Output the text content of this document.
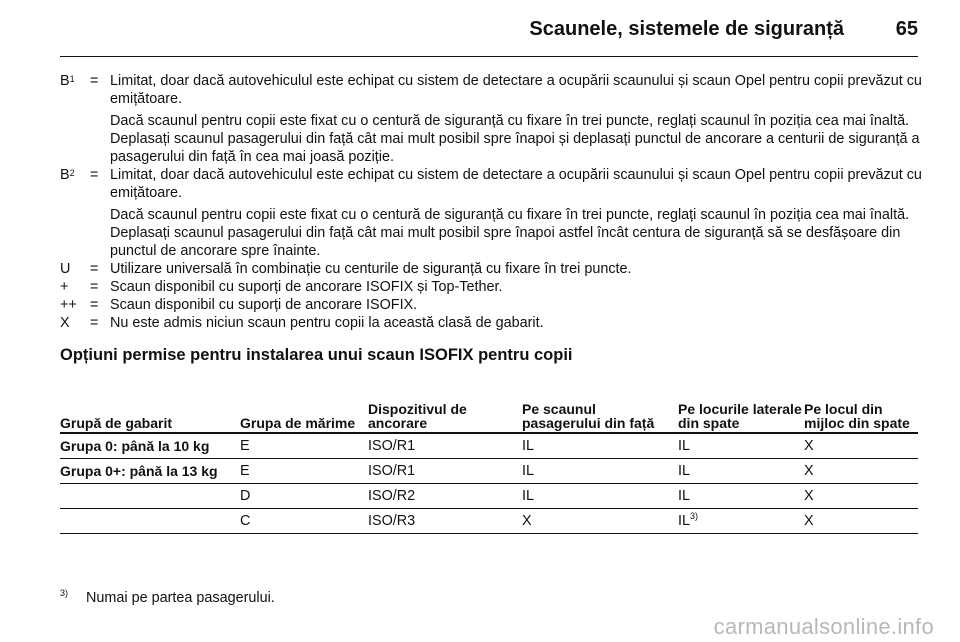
Scaunele, sistemele de siguranță	65
$B^1$	= Limitat, doar dacă autovehiculul este echipat cu sistem de detectare a ocupării scaunului și scaun Opel pentru copii prevăzut cu emițătoare.

Dacă scaunul pentru copii este fixat cu o centură de siguranță cu fixare în trei puncte, reglați scaunul în poziția cea mai înaltă. Deplasați scaunul pasagerului din față cât mai mult posibil spre înapoi și deplasați punctul de ancorare a centurii de siguranță a pasagerului din față în cea mai joasă poziție.

$B^2$	= Limitat, doar dacă autovehiculul este echipat cu sistem de detectare a ocupării scaunului și scaun Opel pentru copii prevăzut cu emițătoare.

Dacă scaunul pentru copii este fixat cu o centură de siguranță cu fixare în trei puncte, reglați scaunul în poziția cea mai înaltă. Deplasați scaunul pasagerului din față cât mai mult posibil spre înapoi astfel încât centura de siguranță să se desfășoare din punctul de ancorare spre înainte.

U	= Utilizare universală în combinație cu centurile de siguranță cu fixare în trei puncte.

+	= Scaun disponibil cu suporți de ancorare ISOFIX și Top-Tether.

++ = Scaun disponibil cu suporți de ancorare ISOFIX.

X	= Nu este admis niciun scaun pentru copii la această clasă de gabarit.

Opțiuni permise pentru instalarea unui scaun ISOFIX pentru copii
Grupă de gabarit	Grupa de mărime	Dispozitivul de ancorare	Pe scaunul pasagerului din față	Pe locurile laterale din spate	Pe locul din mijloc din spate
Grupa 0: până la 10 kg	E	ISO/R1	IL	IL	X
Grupa 0+: până la 13 kg	E	ISO/R1	IL	IL	X
	D	ISO/R2	IL	IL	X
	C	ISO/R3	X	IL$^{3)}$	X
$^{3)}$ Numai pe partea pasagerului.
carmanualsonline.info
